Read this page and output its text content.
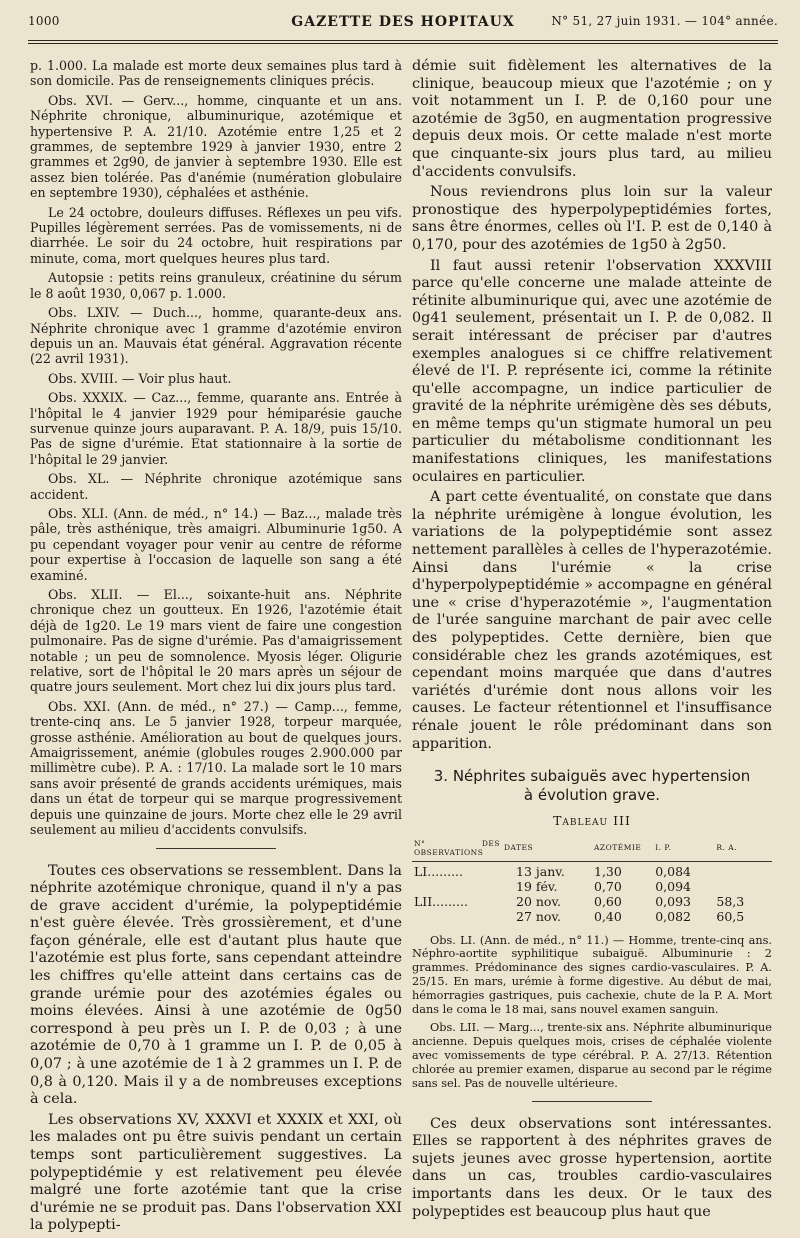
1000	GAZETTE DES HOPITAUX	N° 51, 27 juin 1931. — 104° année.

p. 1.000. La malade est morte deux semaines plus tard à son domicile. Pas de renseignements cliniques précis.

Obs. XVI. — Gerv..., homme, cinquante et un ans. Néphrite chronique, albuminurique, azotémique et hypertensive P. A. 21/10. Azotémie entre 1,25 et 2 grammes, de septembre 1929 à janvier 1930, entre 2 grammes et 2g90, de janvier à septembre 1930. Elle est assez bien tolérée. Pas d'anémie (numération globulaire en septembre 1930), céphalées et asthénie.

Le 24 octobre, douleurs diffuses. Réflexes un peu vifs. Pupilles légèrement serrées. Pas de vomissements, ni de diarrhée. Le soir du 24 octobre, huit respirations par minute, coma, mort quelques heures plus tard.

Autopsie : petits reins granuleux, créatinine du sérum le 8 août 1930, 0,067 p. 1.000.

Obs. LXIV. — Duch..., homme, quarante-deux ans. Néphrite chronique avec 1 gramme d'azotémie environ depuis un an. Mauvais état général. Aggravation récente (22 avril 1931).

Obs. XVIII. — Voir plus haut.

Obs. XXXIX. — Caz..., femme, quarante ans. Entrée à l'hôpital le 4 janvier 1929 pour hémiparésie gauche survenue quinze jours auparavant. P. A. 18/9, puis 15/10. Pas de signe d'urémie. Etat stationnaire à la sortie de l'hôpital le 29 janvier.

Obs. XL. — Néphrite chronique azotémique sans accident.

Obs. XLI. (Ann. de méd., n° 14.) — Baz..., malade très pâle, très asthénique, très amaigri. Albuminurie 1g50. A pu cependant voyager pour venir au centre de réforme pour expertise à l'occasion de laquelle son sang a été examiné.

Obs. XLII. — El..., soixante-huit ans. Néphrite chronique chez un goutteux. En 1926, l'azotémie était déjà de 1g20. Le 19 mars vient de faire une congestion pulmonaire. Pas de signe d'urémie. Pas d'amaigrissement notable ; un peu de somnolence. Myosis léger. Oligurie relative, sort de l'hôpital le 20 mars après un séjour de quatre jours seulement. Mort chez lui dix jours plus tard.

Obs. XXI. (Ann. de méd., n° 27.) — Camp..., femme, trente-cinq ans. Le 5 janvier 1928, torpeur marquée, grosse asthénie. Amélioration au bout de quelques jours. Amaigrissement, anémie (globules rouges 2.900.000 par millimètre cube). P. A. : 17/10. La malade sort le 10 mars sans avoir présenté de grands accidents urémiques, mais dans un état de torpeur qui se marque progressivement depuis une quinzaine de jours. Morte chez elle le 29 avril seulement au milieu d'accidents convulsifs.

Toutes ces observations se ressemblent. Dans la néphrite azotémique chronique, quand il n'y a pas de grave accident d'urémie, la polypeptidémie n'est guère élevée. Très grossièrement, et d'une façon générale, elle est d'autant plus haute que l'azotémie est plus forte, sans cependant atteindre les chiffres qu'elle atteint dans certains cas de grande urémie pour des azotémies égales ou moins élevées. Ainsi à une azotémie de 0g50 correspond à peu près un I. P. de 0,03 ; à une azotémie de 0,70 à 1 gramme un I. P. de 0,05 à 0,07 ; à une azotémie de 1 à 2 grammes un I. P. de 0,8 à 0,120. Mais il y a de nombreuses exceptions à cela.

Les observations XV, XXXVI et XXXIX et XXI, où les malades ont pu être suivis pendant un certain temps sont particulièrement suggestives. La polypeptidémie y est relativement peu élevée malgré une forte azotémie tant que la crise d'urémie ne se produit pas. Dans l'observation XXI la polypepti-

démie suit fidèlement les alternatives de la clinique, beaucoup mieux que l'azotémie ; on y voit notamment un I. P. de 0,160 pour une azotémie de 3g50, en augmentation progressive depuis deux mois. Or cette malade n'est morte que cinquante-six jours plus tard, au milieu d'accidents convulsifs.

Nous reviendrons plus loin sur la valeur pronostique des hyperpolypeptidémies fortes, sans être énormes, celles où l'I. P. est de 0,140 à 0,170, pour des azotémies de 1g50 à 2g50.

Il faut aussi retenir l'observation XXXVIII parce qu'elle concerne une malade atteinte de rétinite albuminurique qui, avec une azotémie de 0g41 seulement, présentait un I. P. de 0,082. Il serait intéressant de préciser par d'autres exemples analogues si ce chiffre relativement élevé de l'I. P. représente ici, comme la rétinite qu'elle accompagne, un indice particulier de gravité de la néphrite urémigène dès ses débuts, en même temps qu'un stigmate humoral un peu particulier du métabolisme conditionnant les manifestations cliniques, les manifestations oculaires en particulier.

A part cette éventualité, on constate que dans la néphrite urémigène à longue évolution, les variations de la polypeptidémie sont assez nettement parallèles à celles de l'hyperazotémie. Ainsi dans l'urémie « la crise d'hyperpolypeptidémie » accompagne en général une « crise d'hyperazotémie », l'augmentation de l'urée sanguine marchant de pair avec celle des polypeptides. Cette dernière, bien que considérable chez les grands azotémiques, est cependant moins marquée que dans d'autres variétés d'urémie dont nous allons voir les causes. Le facteur rétentionnel et l'insuffisance rénale jouent le rôle prédominant dans son apparition.

3. Néphrites subaiguës avec hypertension
à évolution grave.
Tableau III
N° DES OBSERVATIONS	DATES	AZOTÉMIE	I. P.	R. A.
LI.........	13 janv.	1,30	0,084	
	19 fév.	0,70	0,094	
LII.........	20 nov.	0,60	0,093	58,3
	27 nov.	0,40	0,082	60,5

Obs. LI. (Ann. de méd., n° 11.) — Homme, trente-cinq ans. Néphro-aortite syphilitique subaiguë. Albuminurie : 2 grammes. Prédominance des signes cardio-vasculaires. P. A. 25/15. En mars, urémie à forme digestive. Au début de mai, hémorragies gastriques, puis cachexie, chute de la P. A. Mort dans le coma le 18 mai, sans nouvel examen sanguin.

Obs. LII. — Marg..., trente-six ans. Néphrite albuminurique ancienne. Depuis quelques mois, crises de céphalée violente avec vomissements de type cérébral. P. A. 27/13. Rétention chlorée au premier examen, disparue au second par le régime sans sel. Pas de nouvelle ultérieure.

Ces deux observations sont intéressantes. Elles se rapportent à des néphrites graves de sujets jeunes avec grosse hypertension, aortite dans un cas, troubles cardio-vasculaires importants dans les deux. Or le taux des polypeptides est beaucoup plus haut que
